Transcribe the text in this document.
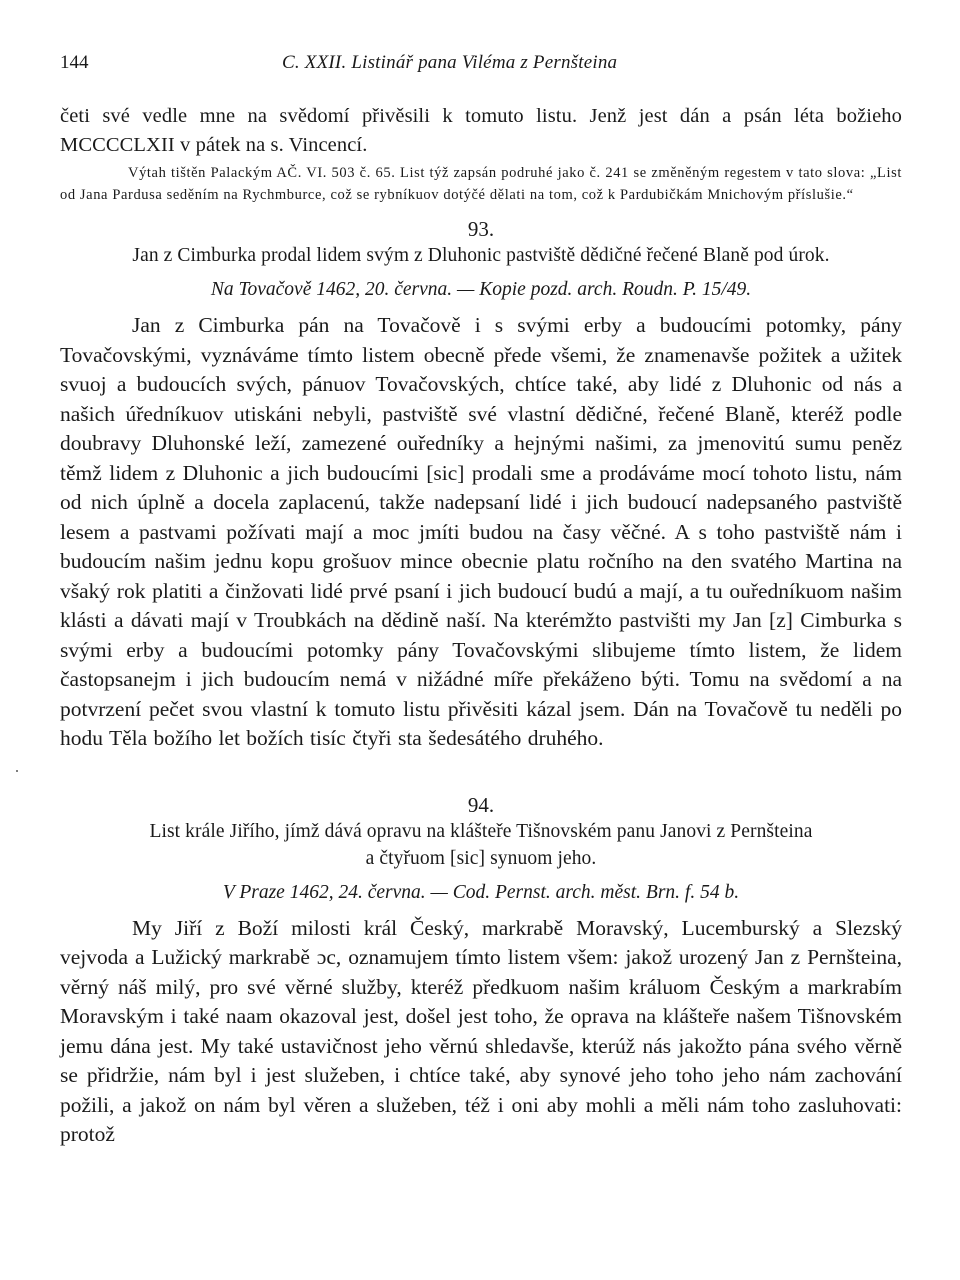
144	C. XXII. Listinář pana Viléma z Pernšteina

četi své vedle mne na svědomí přivěsili k tomuto listu. Jenž jest dán a psán léta božieho MCCCCLXII v pátek na s. Vincencí.

Výtah tištěn Palackým AČ. VI. 503 č. 65. List týž zapsán podruhé jako č. 241 se změněným regestem v tato slova: „List od Jana Pardusa seděním na Rychmburce, což se rybníkuov dotýčé dělati na tom, což k Pardubičkám Mnichovým příslušie.“

93.
Jan z Cimburka prodal lidem svým z Dluhonic pastviště dědičné řečené Blaně pod úrok.
Na Tovačově 1462, 20. června. — Kopie pozd. arch. Roudn. P. 15/49.

Jan z Cimburka pán na Tovačově i s svými erby a budoucími potomky, pány Tovačovskými, vyznáváme tímto listem obecně přede všemi, že znamenavše požitek a užitek svuoj a budoucích svých, pánuov Tovačovských, chtíce také, aby lidé z Dluhonic od nás a našich úředníkuov utiskáni nebyli, pastviště své vlastní dědičné, řečené Blaně, kteréž podle doubravy Dluhonské leží, zamezené ouředníky a hejnými našimi, za jmenovitú sumu peněz těmž lidem z Dluhonic a jich budoucími [sic] prodali sme a prodáváme mocí tohoto listu, nám od nich úplně a docela zaplacenú, takže nadepsaní lidé i jich budoucí nadepsaného pastviště lesem a pastvami požívati mají a moc jmíti budou na časy věčné. A s toho pastviště nám i budoucím našim jednu kopu grošuov mince obecnie platu ročního na den svatého Martina na všaký rok platiti a činžovati lidé prvé psaní i jich budoucí budú a mají, a tu ouředníkuom našim klásti a dávati mají v Troubkách na dědině naší. Na kterémžto pastvišti my Jan [z] Cimburka s svými erby a budoucími potomky pány Tovačovskými slibujeme tímto listem, že lidem častopsanejm i jich budoucím nemá v nižádné míře překáženo býti. Tomu na svědomí a na potvrzení pečet svou vlastní k tomuto listu přivěsiti kázal jsem. Dán na Tovačově tu neděli po hodu Těla božího let božích tisíc čtyři sta šedesátého druhého.

94.
List krále Jiřího, jímž dává opravu na klášteře Tišnovském panu Janovi z Pernšteina
a čtyřuom [sic] synuom jeho.
V Praze 1462, 24. června. — Cod. Pernst. arch. měst. Brn. f. 54 b.

My Jiří z Boží milosti král Český, markrabě Moravský, Lucemburský a Slezský vejvoda a Lužický markrabě ɔc, oznamujem tímto listem všem: jakož urozený Jan z Pernšteina, věrný náš milý, pro své věrné služby, kteréž předkuom našim králuom Českým a markrabím Moravským i také naam okazoval jest, došel jest toho, že oprava na klášteře našem Tišnovském jemu dána jest. My také ustavičnost jeho věrnú shledavše, kterúž nás jakožto pána svého věrně se přidržie, nám byl i jest služeben, i chtíce také, aby synové jeho toho jeho nám zachování požili, a jakož on nám byl věren a služeben, též i oni aby mohli a měli nám toho zasluhovati: protož
